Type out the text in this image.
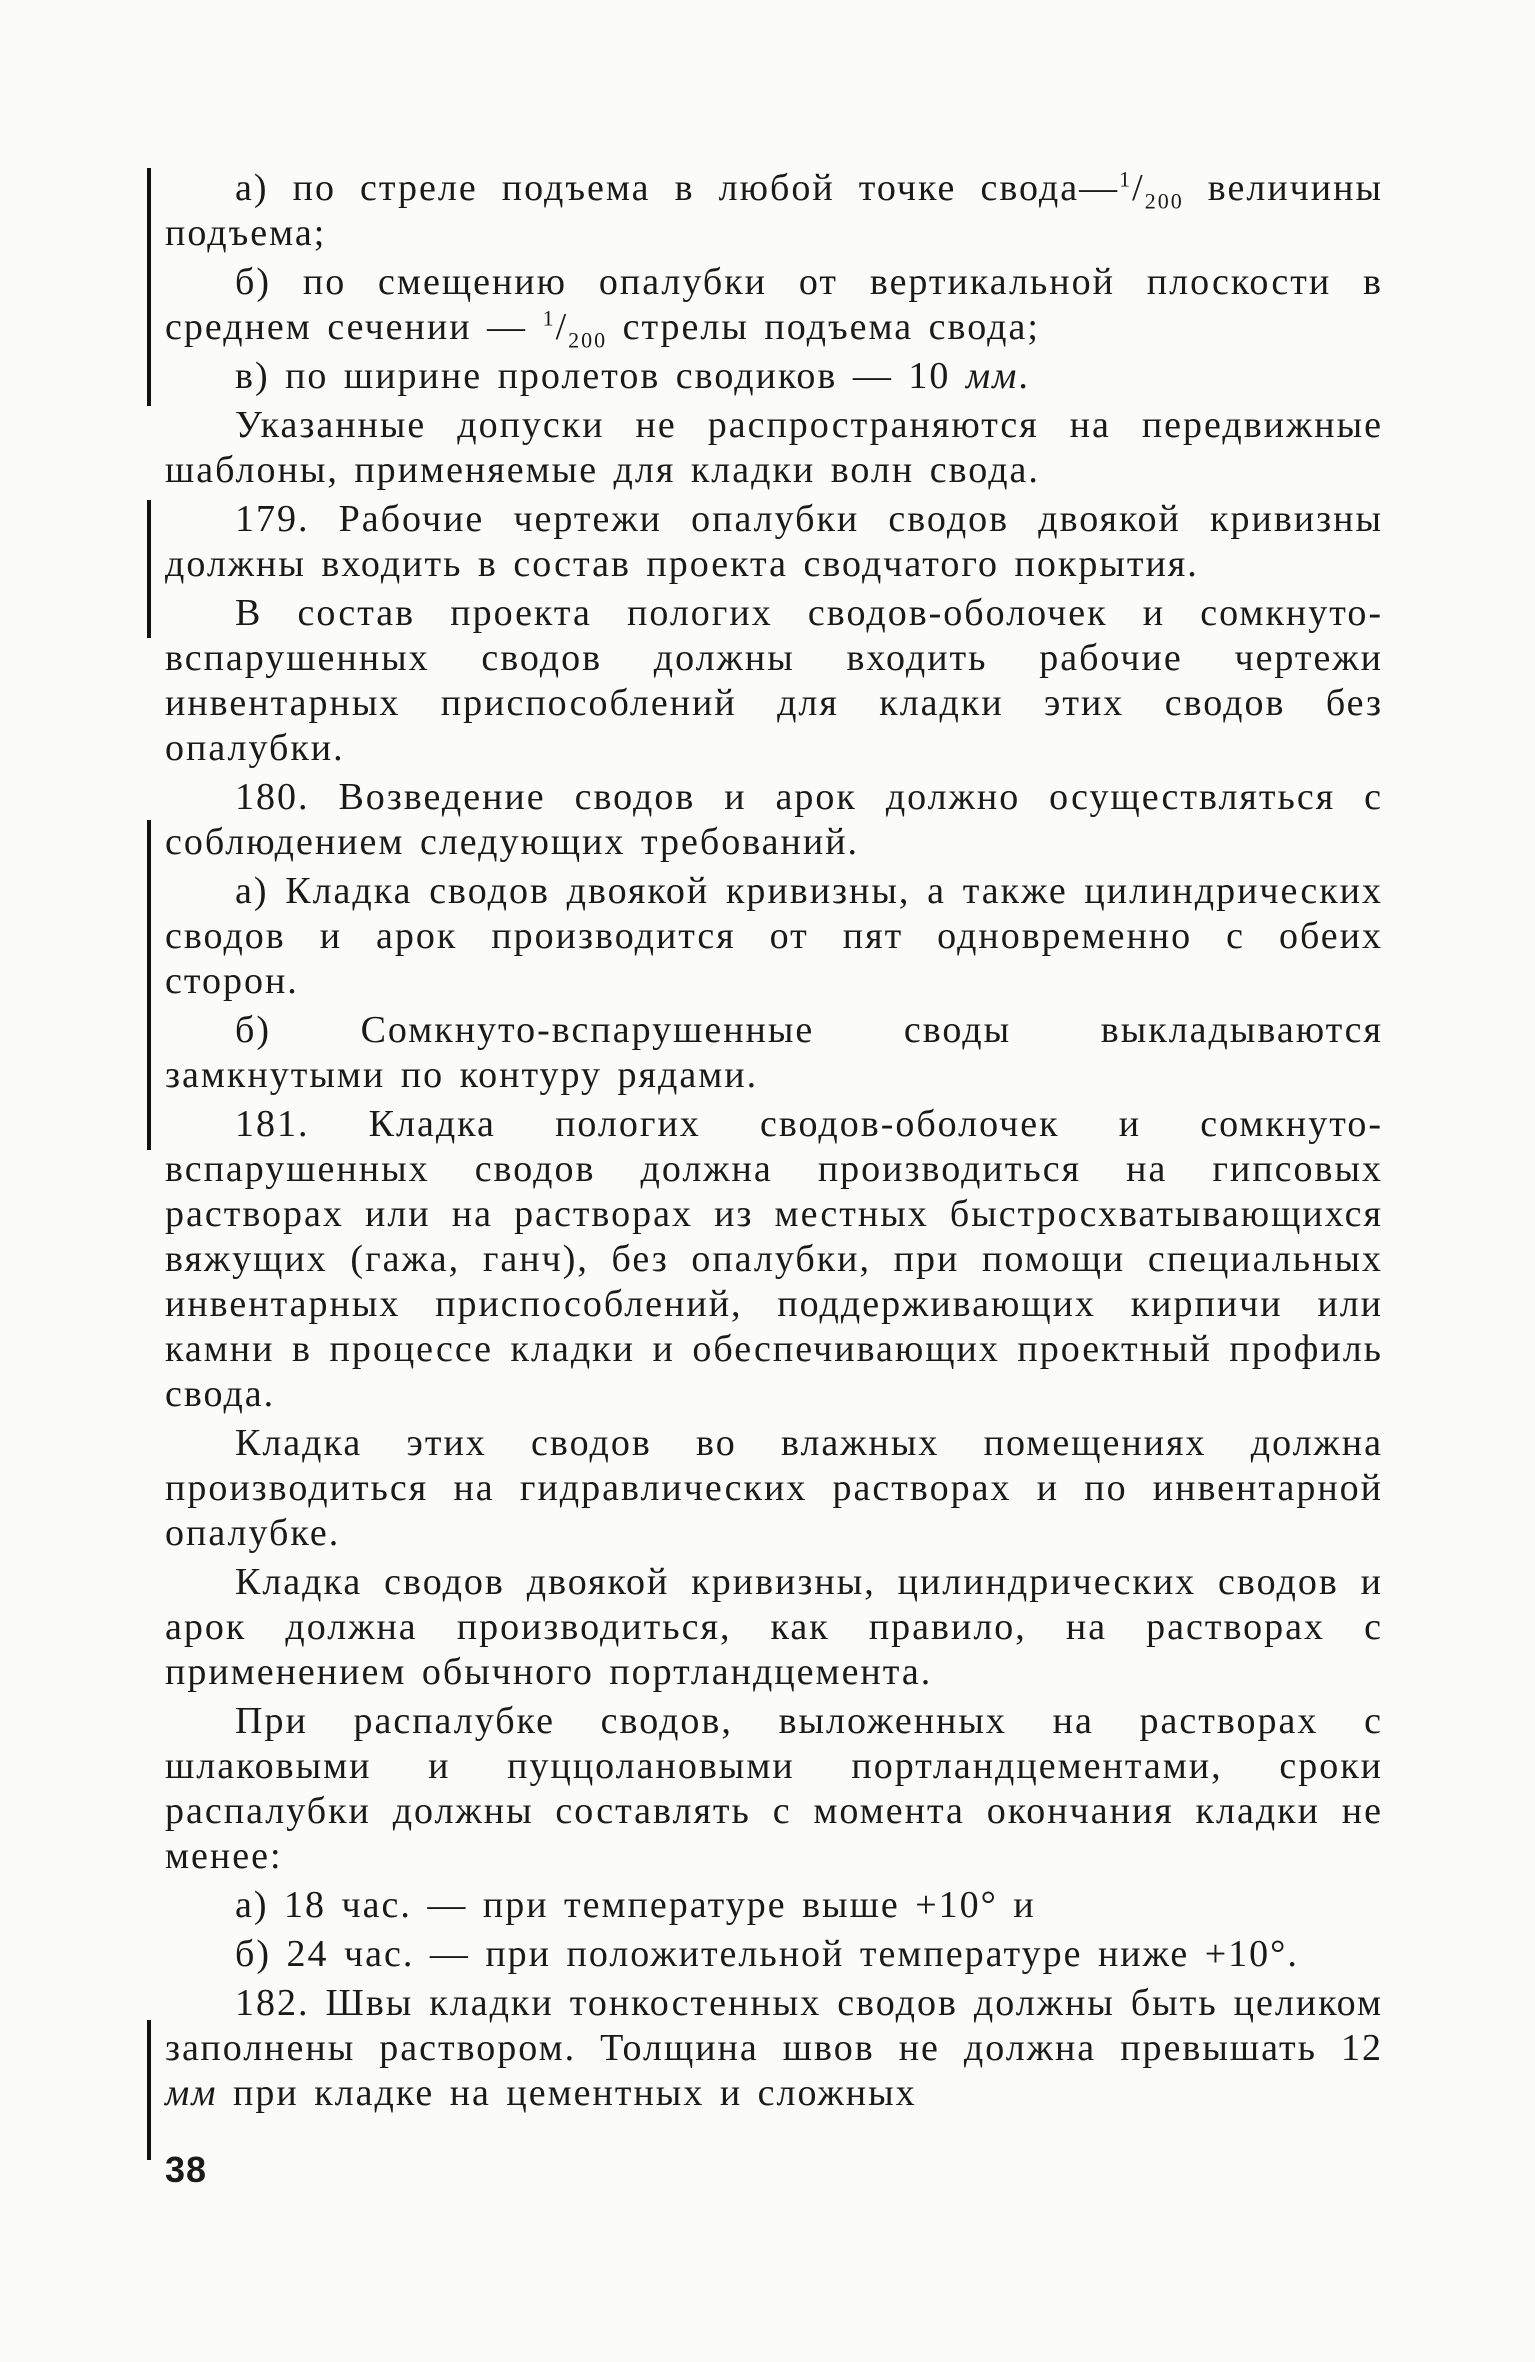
а) по стреле подъема в любой точке $свода—^1/_{200}$ величины подъема;

б) по смещению опалубки от вертикальной плоскости в среднем сечении — $^1/_{200}$ стрелы подъема свода;

в) по ширине пролетов сводиков — 10 мм.

Указанные допуски не распространяются на передвижные шаблоны, применяемые для кладки волн свода.

179. Рабочие чертежи опалубки сводов двоякой кривизны должны входить в состав проекта сводчатого покрытия.

В состав проекта пологих сводов-оболочек и сомкнуто-вспарушенных сводов должны входить рабочие чертежи инвентарных приспособлений для кладки этих сводов без опалубки.

180. Возведение сводов и арок должно осуществляться с соблюдением следующих требований.

а) Кладка сводов двоякой кривизны, а также цилиндрических сводов и арок производится от пят одновременно с обеих сторон.

б) Сомкнуто-вспарушенные своды выкладываются замкнутыми по контуру рядами.

181. Кладка пологих сводов-оболочек и сомкнуто-вспарушенных сводов должна производиться на гипсовых растворах или на растворах из местных быстросхватывающихся вяжущих (гажа, ганч), без опалубки, при помощи специальных инвентарных приспособлений, поддерживающих кирпичи или камни в процессе кладки и обеспечивающих проектный профиль свода.

Кладка этих сводов во влажных помещениях должна производиться на гидравлических растворах и по инвентарной опалубке.

Кладка сводов двоякой кривизны, цилиндрических сводов и арок должна производиться, как правило, на растворах с применением обычного портландцемента.

При распалубке сводов, выложенных на растворах с шлаковыми и пуццолановыми портландцементами, сроки распалубки должны составлять с момента окончания кладки не менее:

а) 18 час. — при температуре выше +10° и

б) 24 час. — при положительной температуре ниже +10°.

182. Швы кладки тонкостенных сводов должны быть целиком заполнены раствором. Толщина швов не должна превышать 12 мм при кладке на цементных и сложных

38
